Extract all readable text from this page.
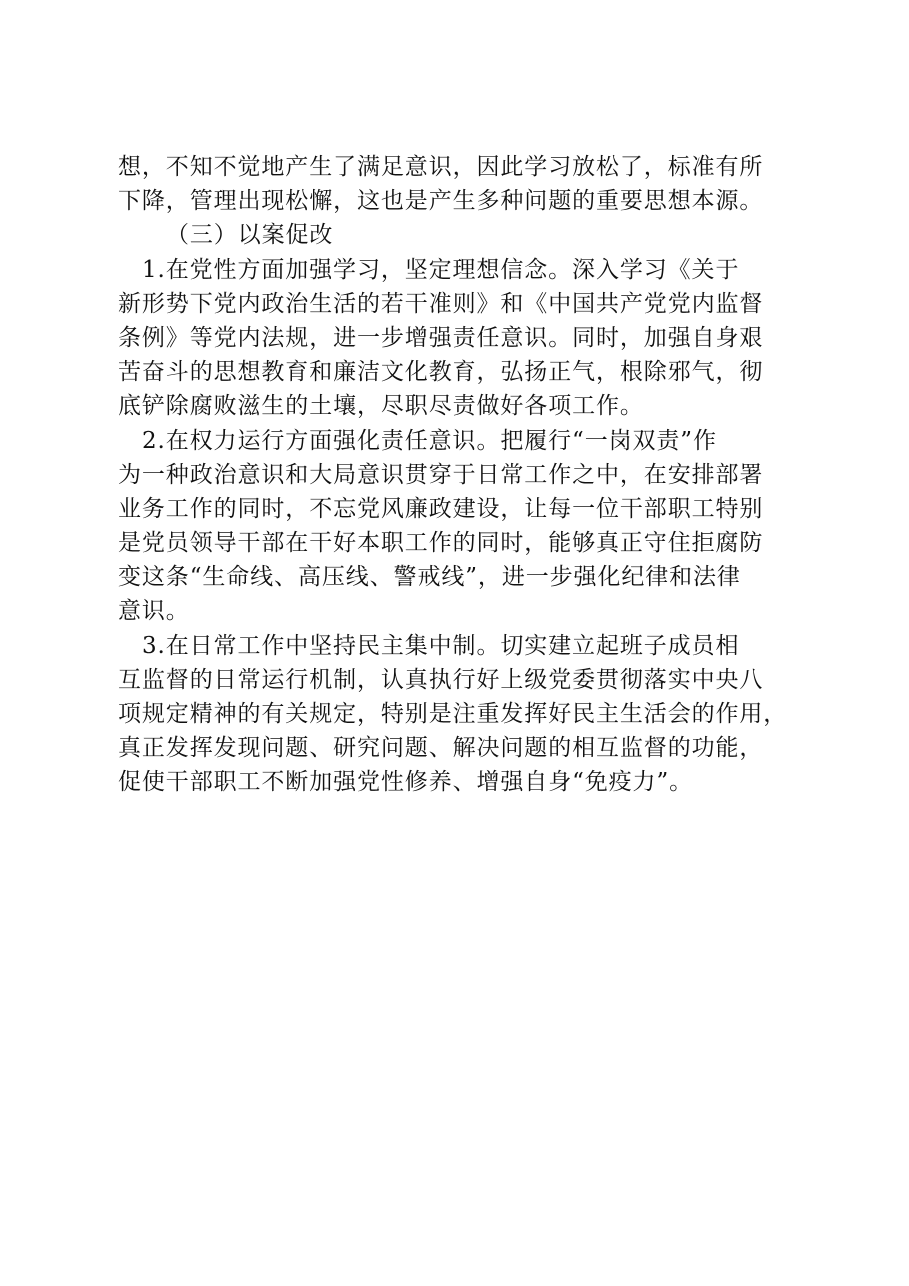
想，不知不觉地产生了满足意识，因此学习放松了，标准有所
下降，管理出现松懈，这也是产生多种问题的重要思想本源。
（三）以案促改
1.在党性方面加强学习，坚定理想信念。深入学习《关于
新形势下党内政治生活的若干准则》和《中国共产党党内监督
条例》等党内法规，进一步增强责任意识。同时，加强自身艰
苦奋斗的思想教育和廉洁文化教育，弘扬正气，根除邪气，彻
底铲除腐败滋生的土壤，尽职尽责做好各项工作。
2.在权力运行方面强化责任意识。把履行“一岗双责”作
为一种政治意识和大局意识贯穿于日常工作之中，在安排部署
业务工作的同时，不忘党风廉政建设，让每一位干部职工特别
是党员领导干部在干好本职工作的同时，能够真正守住拒腐防
变这条“生命线、高压线、警戒线”，进一步强化纪律和法律
意识。
3.在日常工作中坚持民主集中制。切实建立起班子成员相
互监督的日常运行机制，认真执行好上级党委贯彻落实中央八
项规定精神的有关规定，特别是注重发挥好民主生活会的作用，
真正发挥发现问题、研究问题、解决问题的相互监督的功能，
促使干部职工不断加强党性修养、增强自身“免疫力”。
